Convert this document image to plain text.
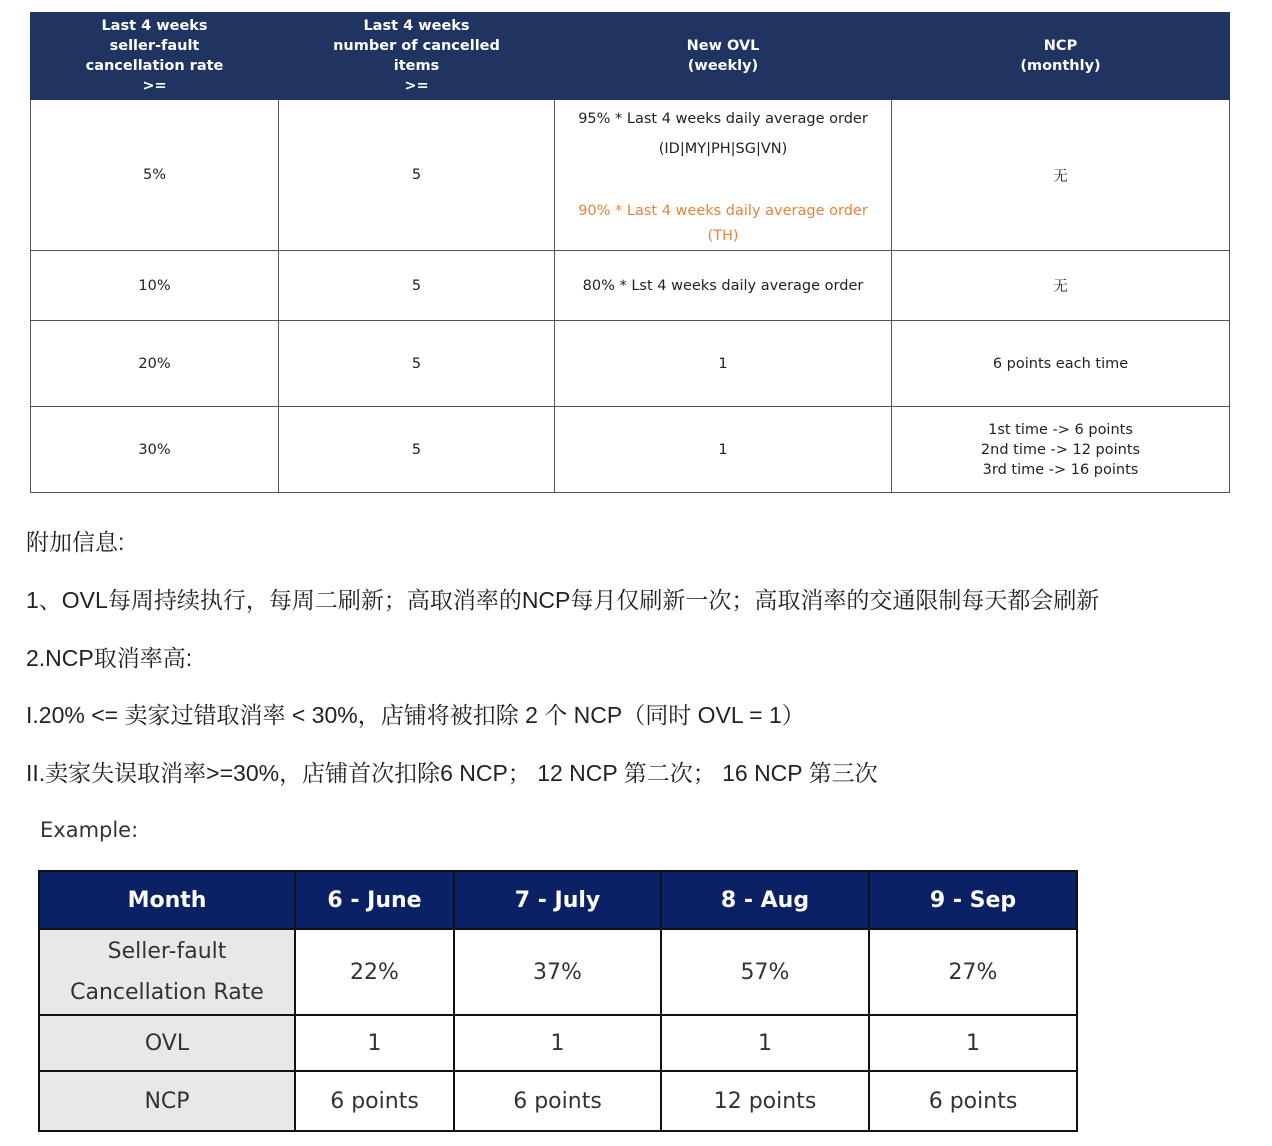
Last 4 weeks
seller-fault
cancellation rate
>=	Last 4 weeks
number of cancelled
items
>=	New OVL
(weekly)	NCP
(monthly)

5%	5	95% * Last 4 weeks daily average order
(ID|MY|PH|SG|VN)
90% * Last 4 weeks daily average order
(TH)	无
10%	5	80% * Lst 4 weeks daily average order	无
20%	5	1	6 points each time
30%	5	1	1st time -> 6 points
2nd time -> 12 points
3rd time -> 16 points
附加信息:
1、OVL每周持续执行，每周二刷新；高取消率的NCP每月仅刷新一次；高取消率的交通限制每天都会刷新
2.NCP取消率高:
I.20% <= 卖家过错取消率 < 30%，店铺将被扣除 2 个 NCP（同时 OVL = 1）
II.卖家失误取消率>=30%，店铺首次扣除6 NCP； 12 NCP 第二次； 16 NCP 第三次
Example:
Month	6 - June	7 - July	8 - Aug	9 - Sep

Seller-fault
Cancellation Rate	22%	37%	57%	27%
OVL	1	1	1	1
NCP	6 points	6 points	12 points	6 points
